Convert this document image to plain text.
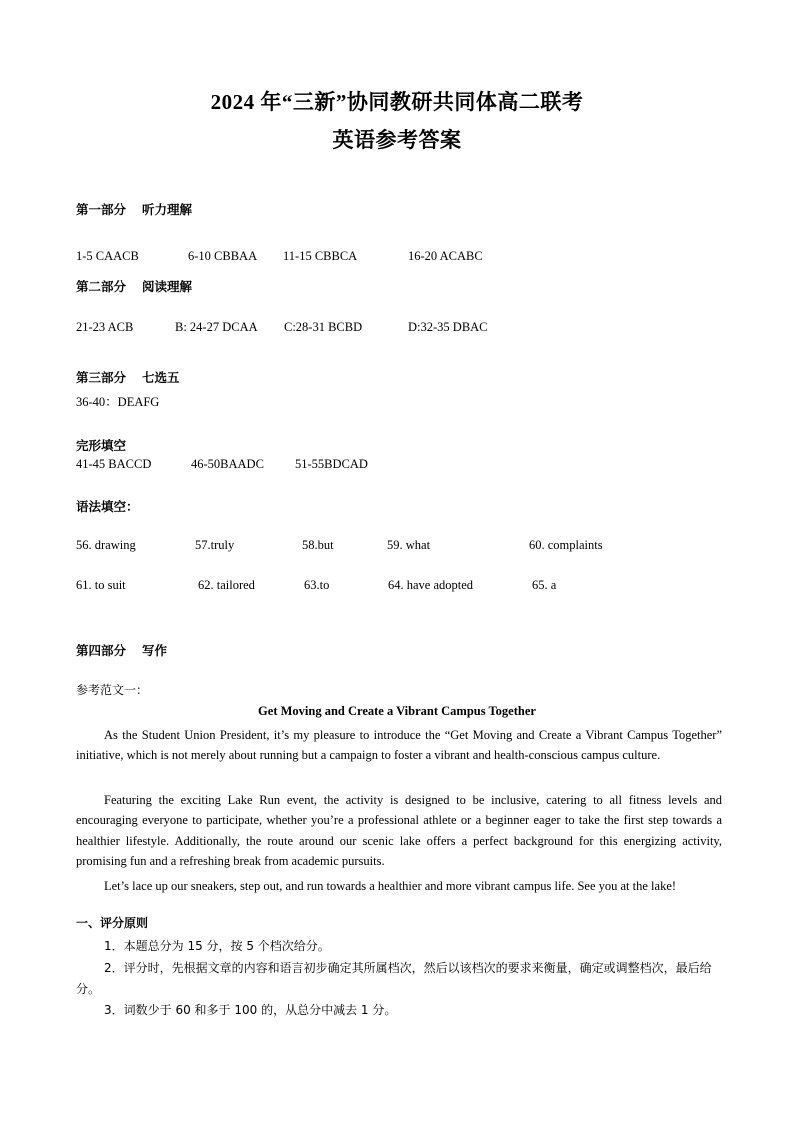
2024 年“三新”协同教研共同体高二联考
英语参考答案
第一部分 听力理解
1-5 CAACB	6-10 CBBAA 11-15 CBBCA	16-20 ACABC
第二部分 阅读理解
21-23 ACB	B: 24-27 DCAA C:28-31 BCBD	D:32-35 DBAC
第三部分 七选五
36-40：DEAFG
完形填空
41-45 BACCD	46-50BAADC 51-55BDCAD
语法填空：
56. drawing	57.truly	58.but	59. what	60. complaints
61. to suit	62. tailored	63.to	64. have adopted	65. a
第四部分 写作
参考范文一：
Get Moving and Create a Vibrant Campus Together

As the Student Union President, it’s my pleasure to introduce the “Get Moving and Create a Vibrant Campus Together” initiative, which is not merely about running but a campaign to foster a vibrant and health-conscious campus culture.

Featuring the exciting Lake Run event, the activity is designed to be inclusive, catering to all fitness levels and encouraging everyone to participate, whether you’re a professional athlete or a beginner eager to take the first step towards a healthier lifestyle. Additionally, the route around our scenic lake offers a perfect background for this energizing activity, promising fun and a refreshing break from academic pursuits.

Let’s lace up our sneakers, step out, and run towards a healthier and more vibrant campus life. See you at the lake!

一、评分原则
1．本题总分为 15 分，按 5 个档次给分。
2．评分时，先根据文章的内容和语言初步确定其所属档次，然后以该档次的要求来衡量，确定或调整档次，最后给分。
3．词数少于 60 和多于 100 的，从总分中减去 1 分。
